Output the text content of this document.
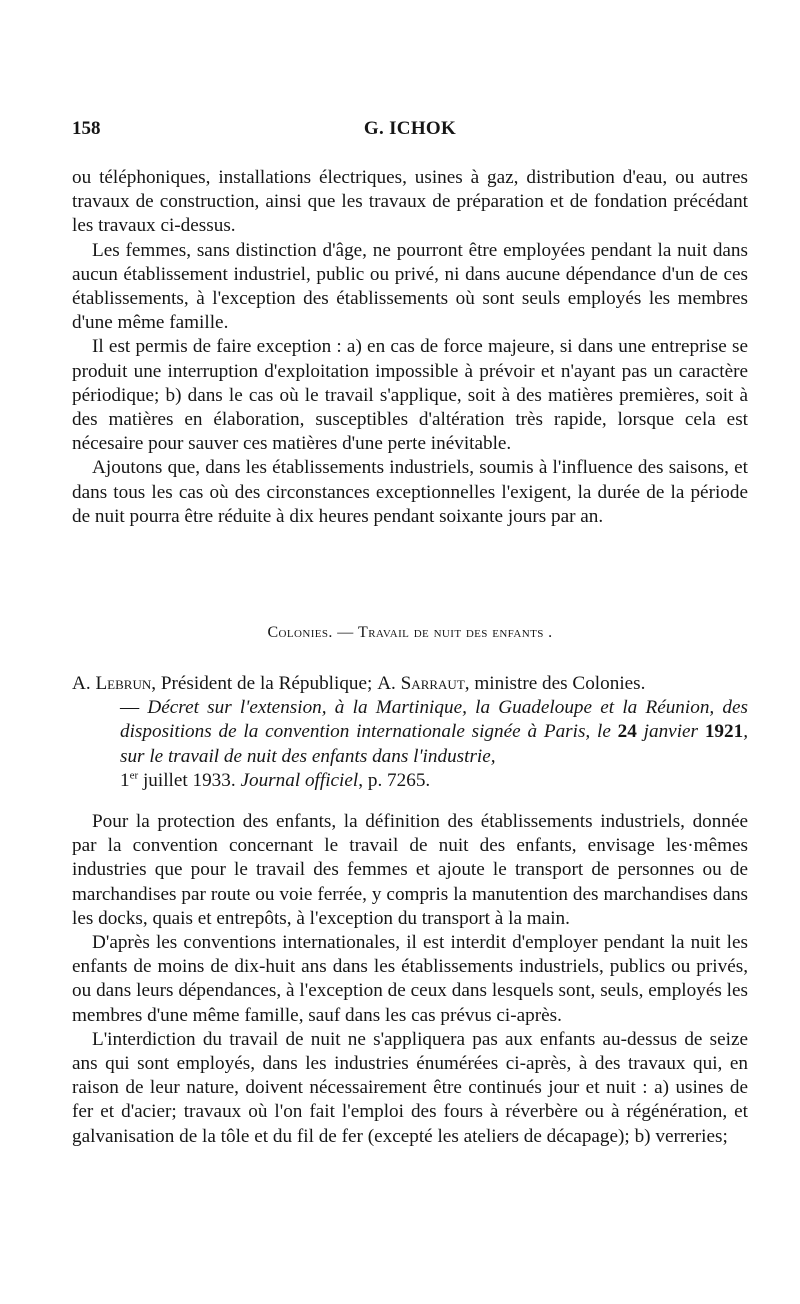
158	G. ICHOK

ou téléphoniques, installations électriques, usines à gaz, distribution d'eau, ou autres travaux de construction, ainsi que les travaux de préparation et de fondation précédant les travaux ci-dessus.

Les femmes, sans distinction d'âge, ne pourront être employées pendant la nuit dans aucun établissement industriel, public ou privé, ni dans aucune dépendance d'un de ces établissements, à l'exception des établissements où sont seuls employés les membres d'une même famille.

Il est permis de faire exception : a) en cas de force majeure, si dans une entreprise se produit une interruption d'exploitation impossible à prévoir et n'ayant pas un caractère périodique; b) dans le cas où le travail s'applique, soit à des matières premières, soit à des matières en élaboration, susceptibles d'altération très rapide, lorsque cela est nécesaire pour sauver ces matières d'une perte inévitable.

Ajoutons que, dans les établissements industriels, soumis à l'influence des saisons, et dans tous les cas où des circonstances exceptionnelles l'exigent, la durée de la période de nuit pourra être réduite à dix heures pendant soixante jours par an.

Colonies. — Travail de nuit des enfants .
A. Lebrun, Président de la République; A. Sarraut, ministre des Colonies.
— Décret sur l'extension, à la Martinique, la Guadeloupe et la Réunion, des dispositions de la convention internationale signée à Paris, le 24 janvier 1921, sur le travail de nuit des enfants dans l'industrie,
1er juillet 1933. Journal officiel, p. 7265.

Pour la protection des enfants, la définition des établissements industriels, donnée par la convention concernant le travail de nuit des enfants, envisage les·mêmes industries que pour le travail des femmes et ajoute le transport de personnes ou de marchandises par route ou voie ferrée, y compris la manutention des marchandises dans les docks, quais et entrepôts, à l'exception du transport à la main.

D'après les conventions internationales, il est interdit d'employer pendant la nuit les enfants de moins de dix-huit ans dans les établissements industriels, publics ou privés, ou dans leurs dépendances, à l'exception de ceux dans lesquels sont, seuls, employés les membres d'une même famille, sauf dans les cas prévus ci-après.

L'interdiction du travail de nuit ne s'appliquera pas aux enfants au-dessus de seize ans qui sont employés, dans les industries énumérées ci-après, à des travaux qui, en raison de leur nature, doivent nécessairement être continués jour et nuit : a) usines de fer et d'acier; travaux où l'on fait l'emploi des fours à réverbère ou à régénération, et galvanisation de la tôle et du fil de fer (excepté les ateliers de décapage); b) verreries;
